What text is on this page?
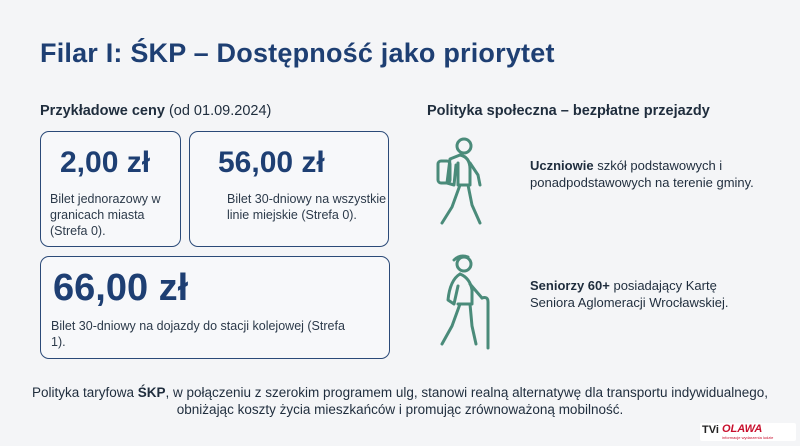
Filar I: ŚKP – Dostępność jako priorytet
Przykładowe ceny (od 01.09.2024)
2,00 zł
Bilet jednorazowy w granicach miasta (Strefa 0).
56,00 zł
Bilet 30-dniowy na wszystkie linie miejskie (Strefa 0).
66,00 zł
Bilet 30-dniowy na dojazdy do stacji kolejowej (Strefa 1).
Polityka społeczna – bezpłatne przejazdy
Uczniowie szkół podstawowych i ponadpodstawowych na terenie gminy.
Seniorzy 60+ posiadający Kartę Seniora Aglomeracji Wrocławskiej.
Polityka taryfowa ŚKP, w połączeniu z szerokim programem ulg, stanowi realną alternatywę dla transportu indywidualnego, obniżając koszty życia mieszkańców i promując zrównoważoną mobilność.
TVi OLAWA
informacje wydarzenia ludzie
